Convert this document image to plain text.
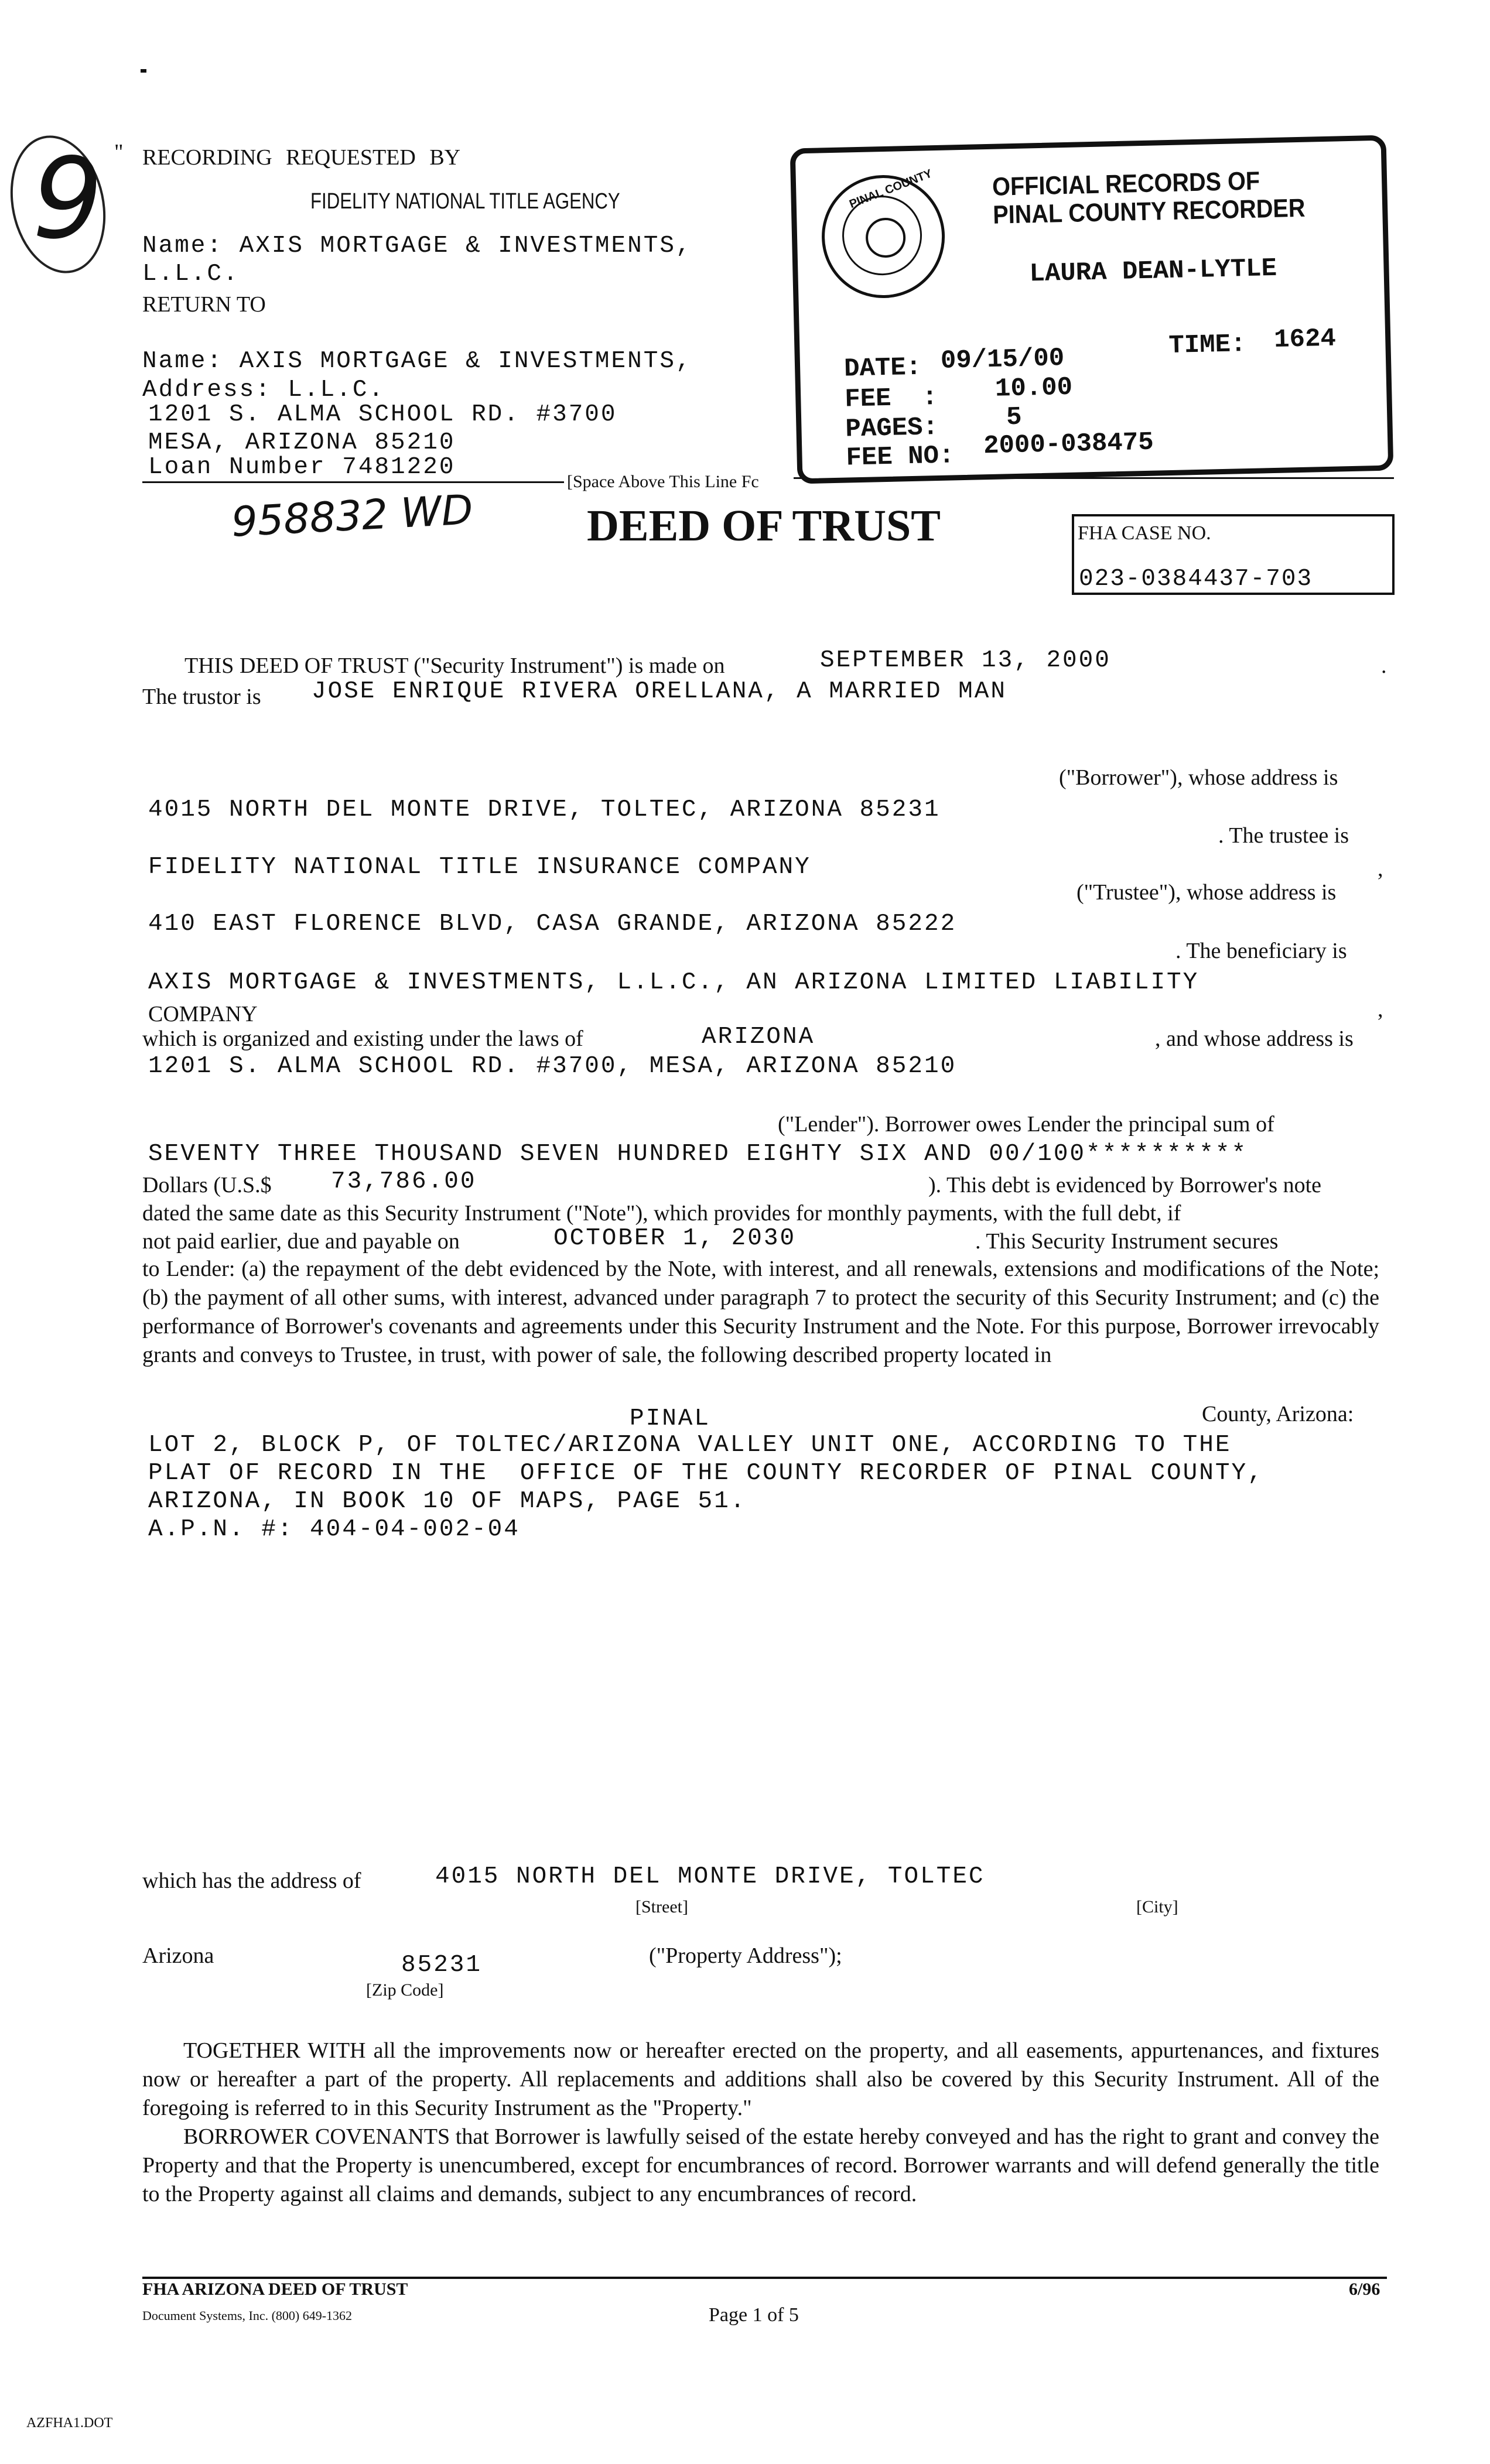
9 " RECORDING REQUESTED BY
FIDELITY NATIONAL TITLE AGENCY
Name: AXIS MORTGAGE & INVESTMENTS,
L.L.C.
RETURN TO
Name: AXIS MORTGAGE & INVESTMENTS,
Address: L.L.C.
1201 S. ALMA SCHOOL RD. #3700
MESA, ARIZONA 85210
Loan Number 7481220
[Space Above This Line Fc
958832 WD

PINAL COUNTY

OFFICIAL RECORDS OF
PINAL COUNTY RECORDER
LAURA DEAN-LYTLE
DATE: 09/15/00	TIME: 1624
FEE  : 10.00
PAGES:	5
FEE NO: 2000-038475
DEED OF TRUST

	FHA CASE NO.

023-0384437-703

THIS DEED OF TRUST ("Security Instrument") is made on	SEPTEMBER 13, 2000	.
The trustor is JOSE ENRIQUE RIVERA ORELLANA, A MARRIED MAN
("Borrower"), whose address is
4015 NORTH DEL MONTE DRIVE, TOLTEC, ARIZONA 85231
. The trustee is
FIDELITY NATIONAL TITLE INSURANCE COMPANY	,
("Trustee"), whose address is
410 EAST FLORENCE BLVD, CASA GRANDE, ARIZONA 85222
. The beneficiary is
AXIS MORTGAGE & INVESTMENTS, L.L.C., AN ARIZONA LIMITED LIABILITY
,
COMPANY
which is organized and existing under the laws of	ARIZONA	, and whose address is
1201 S. ALMA SCHOOL RD. #3700, MESA, ARIZONA 85210
("Lender"). Borrower owes Lender the principal sum of
SEVENTY THREE THOUSAND SEVEN HUNDRED EIGHTY SIX AND 00/100**********
Dollars (U.S.$ 73,786.00	). This debt is evidenced by Borrower's note
dated the same date as this Security Instrument ("Note"), which provides for monthly payments, with the full debt, if
not paid earlier, due and payable on	OCTOBER 1, 2030	. This Security Instrument secures
to Lender: (a) the repayment of the debt evidenced by the Note, with interest, and all renewals, extensions and modifications of the Note; (b) the payment of all other sums, with interest, advanced under paragraph 7 to protect the security of this Security Instrument; and (c) the performance of Borrower's covenants and agreements under this Security Instrument and the Note. For this purpose, Borrower irrevocably grants and conveys to Trustee, in trust, with power of sale, the following described property located in
PINAL	County, Arizona:
LOT 2, BLOCK P, OF TOLTEC/ARIZONA VALLEY UNIT ONE, ACCORDING TO THE
PLAT OF RECORD IN THE  OFFICE OF THE COUNTY RECORDER OF PINAL COUNTY,
ARIZONA, IN BOOK 10 OF MAPS, PAGE 51.
A.P.N. #: 404-04-002-04
which has the address of	4015 NORTH DEL MONTE DRIVE, TOLTEC
[Street]	[City]
Arizona	85231
[Zip Code]
("Property Address");
TOGETHER WITH all the improvements now or hereafter erected on the property, and all easements, appurtenances, and fixtures now or hereafter a part of the property. All replacements and additions shall also be covered by this Security Instrument. All of the foregoing is referred to in this Security Instrument as the "Property."
BORROWER COVENANTS that Borrower is lawfully seised of the estate hereby conveyed and has the right to grant and convey the Property and that the Property is unencumbered, except for encumbrances of record. Borrower warrants and will defend generally the title to the Property against all claims and demands, subject to any encumbrances of record.
FHA ARIZONA DEED OF TRUST	6/96
Document Systems, Inc. (800) 649-1362	Page 1 of 5
AZFHA1.DOT
